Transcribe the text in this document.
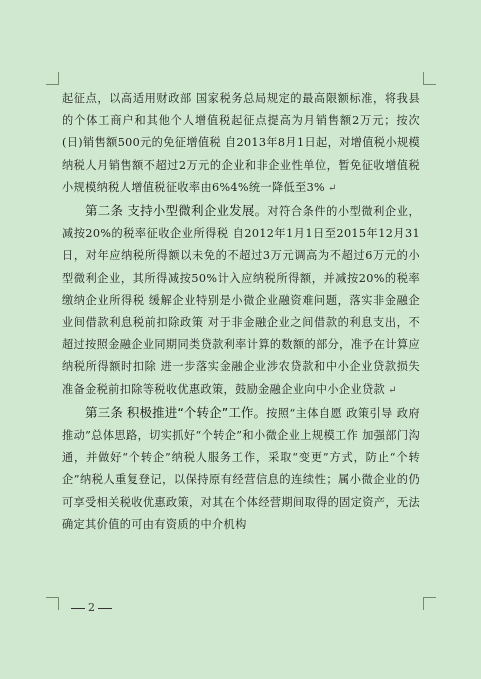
起征点，以高适用财政部 国家税务总局规定的最高限额标准，将我县的个体工商户和其他个人增值税起征点提高为月销售额2万元；按次(日)销售额500元的免征增值税 自2013年8月1日起，对增值税小规模纳税人月销售额不超过2万元的企业和非企业性单位，暂免征收增值税 小规模纳税人增值税征收率由6%4%统一降低至3% ↵

第二条 支持小型微利企业发展。对符合条件的小型微利企业，减按20%的税率征收企业所得税 自2012年1月1日至2015年12月31日，对年应纳税所得额以未免的不超过3万元调高为不超过6万元的小型微利企业，其所得减按50%计入应纳税所得额，并减按20%的税率缴纳企业所得税 缓解企业特别是小微企业融资难问题，落实非金融企业间借款利息税前扣除政策 对于非金融企业之间借款的利息支出，不超过按照金融企业同期同类贷款利率计算的数额的部分，准予在计算应纳税所得额时扣除 进一步落实金融企业涉农贷款和中小企业贷款损失准备金税前扣除等税收优惠政策，鼓励金融企业向中小企业贷款 ↵

第三条 积极推进“个转企”工作。按照“主体自愿 政策引导 政府推动”总体思路，切实抓好“个转企”和小微企业上规模工作 加强部门沟通，并做好“个转企”纳税人服务工作，采取“变更”方式，防止“个转企”纳税人重复登记，以保持原有经营信息的连续性；属小微企业的仍可享受相关税收优惠政策，对其在个体经营期间取得的固定资产，无法确定其价值的可由有资质的中介机构

2
